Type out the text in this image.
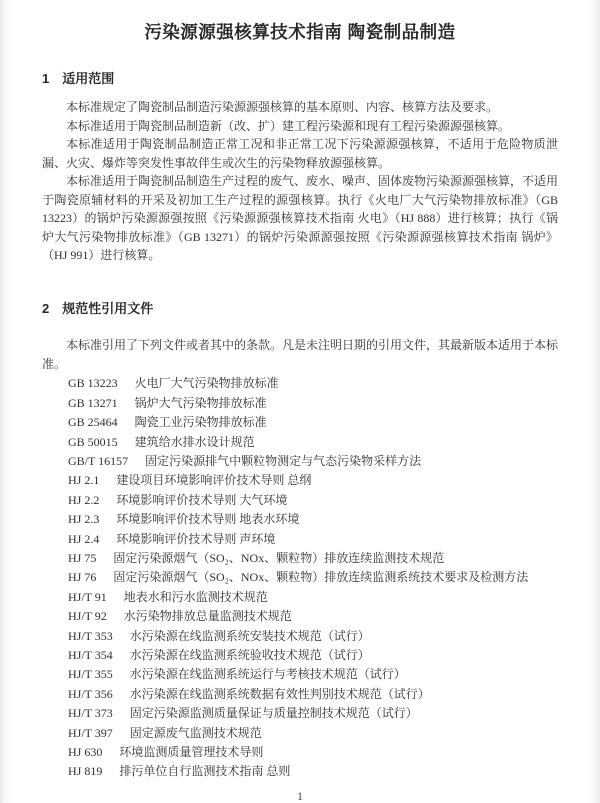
污染源源强核算技术指南 陶瓷制品制造
1 适用范围

本标准规定了陶瓷制品制造污染源源强核算的基本原则、内容、核算方法及要求。

本标准适用于陶瓷制品制造新（改、扩）建工程污染源和现有工程污染源源强核算。

本标准适用于陶瓷制品制造正常工况和非正常工况下污染源源强核算，不适用于危险物质泄漏、火灾、爆炸等突发性事故伴生或次生的污染物释放源强核算。

本标准适用于陶瓷制品制造生产过程的废气、废水、噪声、固体废物污染源源强核算，不适用于陶瓷原辅材料的开采及初加工生产过程的源强核算。执行《火电厂大气污染物排放标准》（GB 13223）的锅炉污染源源强按照《污染源源强核算技术指南 火电》（HJ 888）进行核算；执行《锅炉大气污染物排放标准》（GB 13271）的锅炉污染源源强按照《污染源源强核算技术指南 锅炉》（HJ 991）进行核算。

2 规范性引用文件

本标准引用了下列文件或者其中的条款。凡是未注明日期的引用文件，其最新版本适用于本标准。

GB 13223 火电厂大气污染物排放标准
GB 13271 锅炉大气污染物排放标准
GB 25464 陶瓷工业污染物排放标准
GB 50015 建筑给水排水设计规范
GB/T 16157 固定污染源排气中颗粒物测定与气态污染物采样方法
HJ 2.1 建设项目环境影响评价技术导则 总纲
HJ 2.2 环境影响评价技术导则 大气环境
HJ 2.3 环境影响评价技术导则 地表水环境
HJ 2.4 环境影响评价技术导则 声环境
HJ 75 固定污染源烟气（SO₂、NOx、颗粒物）排放连续监测技术规范
HJ 76 固定污染源烟气（SO₂、NOx、颗粒物）排放连续监测系统技术要求及检测方法
HJ/T 91 地表水和污水监测技术规范
HJ/T 92 水污染物排放总量监测技术规范
HJ/T 353 水污染源在线监测系统安装技术规范（试行）
HJ/T 354 水污染源在线监测系统验收技术规范（试行）
HJ/T 355 水污染源在线监测系统运行与考核技术规范（试行）
HJ/T 356 水污染源在线监测系统数据有效性判别技术规范（试行）
HJ/T 373 固定污染源监测质量保证与质量控制技术规范（试行）
HJ/T 397 固定源废气监测技术规范
HJ 630 环境监测质量管理技术导则
HJ 819 排污单位自行监测技术指南 总则
1
